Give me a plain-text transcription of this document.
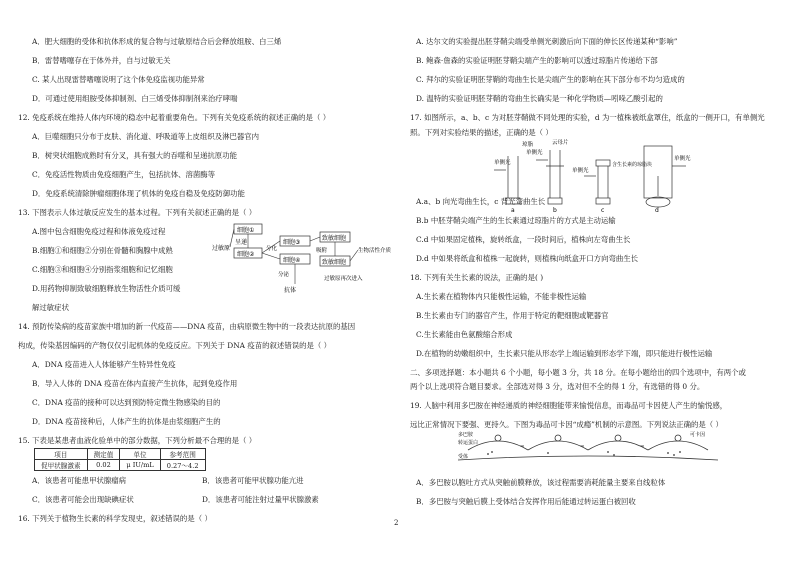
A．肥大细胞的受体和抗体形成的复合物与过敏原结合后会释放组胺、白三烯
B．雷替嗜噻存在于体外并，自与过敏无关
C. 某人出现雷替嗜噻说明了这个体免疫监视功能异常
D．可通过使用组胺受体抑制剂、白三烯受体抑制剂来治疗哮喘
12. 免疫系统在维持人体内环境的稳态中起着重要角色。下列有关免疫系统的叙述正确的是（ ）
A．巨噬细胞只分布于皮肤、消化道、呼吸道等上皮组织及淋巴器官内
B．树突状细胞成熟时有分叉，具有强大的吞噬和呈递抗原功能
C．免疫活性物质由免疫细胞产生，包括抗体、溶菌酶等
D．免疫系统清除肿瘤细胞体现了机体的免疫自稳及免疫防御功能
13. 下图表示人体过敏反应发生的基本过程。下列有关叙述正确的是（ ）
A.图中包含细胞免疫过程和体液免疫过程
B.细胞①和细胞②分别在骨髓和胸腺中成熟
C.细胞③和细胞④分别指浆细胞和记忆细胞
D.用药物抑制致敏细胞释放生物活性介质可缓
解过敏症状
细胞①
呈递
细胞②
过敏原	分化
细胞③
细胞④
分泌
抗体
致敏细胞
致敏细胞
吸附	生物活性介质
过敏原再次进入
14. 预防传染病的疫苗家族中增加的新一代疫苗——DNA 疫苗，由病原微生物中的一段表达抗原的基因
构成，传染基因编码的产物仅仅引起机体的免疫反应。下列关于 DNA 疫苗的叙述错误的是（ ）
A．DNA 疫苗进入人体能够产生特异性免疫
B．导入人体的 DNA 疫苗在体内直接产生抗体，起到免疫作用
C．DNA 疫苗的接种可以达到预防特定微生物感染的目的
D．DNA 疫苗接种后，人体产生的抗体是由浆细胞产生的
15. 下表是某患者血液化验单中的部分数据，下列分析最不合理的是（ ）
项目	测定值	单位	参考范围
促甲状腺激素	0.02	μ IU/mL	0.27～4.2
A．该患者可能患甲状腺瘤病	B．该患者可能甲状腺功能亢进
C．该患者可能会出现缺碘症状	D．该患者可能注射过量甲状腺激素
16. 下列关于植物生长素的科学发现史，叙述错误的是（ ）	2
A. 达尔文的实验提出胚芽鞘尖端受单侧光刺激后向下面的伸长区传递某种“影响”
B. 鲍森·詹森的实验证明胚芽鞘尖端产生的影响可以透过琼脂片传递给下部
C. 拜尔的实验证明胚芽鞘的弯曲生长是尖端产生的影响在其下部分布不均匀造成的
D. 温特的实验证明胚芽鞘的弯曲生长确实是一种化学物质—吲哚乙酸引起的
17. 如图所示，a、b、c 为对胚芽鞘做不同处理的实验，d 为一植株被纸盒罩住，纸盒的一侧开口，有单侧光
照。下列对实验结果的描述，正确的是（ ）
单侧光
单侧光
单侧光
单侧光
云母片
琼脂
含生长素的琼脂块
a	b	c	d
A.a、b 向光弯曲生长，c 背光弯曲生长
B.b 中胚芽鞘尖端产生的生长素通过琼脂片的方式是主动运输
C.d 中如果固定植株，旋转纸盒，一段时间后，植株向左弯曲生长
D.d 中如果将纸盒和植株一起旋转，则植株向纸盒开口方向弯曲生长
18. 下列有关生长素的说法，正确的是( )
A.生长素在植物体内只能极性运输，不能非极性运输
B.生长素由专门的器官产生，作用于特定的靶细胞或靶器官
C.生长素能由色氨酸缩合形成
D.在植物的幼嫩组织中，生长素只能从形态学上端运输到形态学下端，即只能进行极性运输
二、多项选择题：本小题共 6 个小题，每小题 3 分，共 18 分。在每小题给出的四个选项中，有两个或
两个以上选项符合题目要求。全部选对得 3 分，选对但不全的得 1 分，有选错的得 0 分。
19. 人脑中利用多巴胺在神经递质的神经细胞能带来愉悦信息，而毒品可卡因使人产生的愉悦感，
远比正常情况下要强、更持久。下图为毒品可卡因“成瘾”机制的示意图。下列说法正确的是（ ）
多巴胺
转运蛋白
受体
可卡因
A．多巴胺以胞吐方式从突触前膜释放，该过程需要消耗能量主要来自线粒体
B．多巴胺与突触后膜上受体结合发挥作用后能通过转运蛋白被回收
